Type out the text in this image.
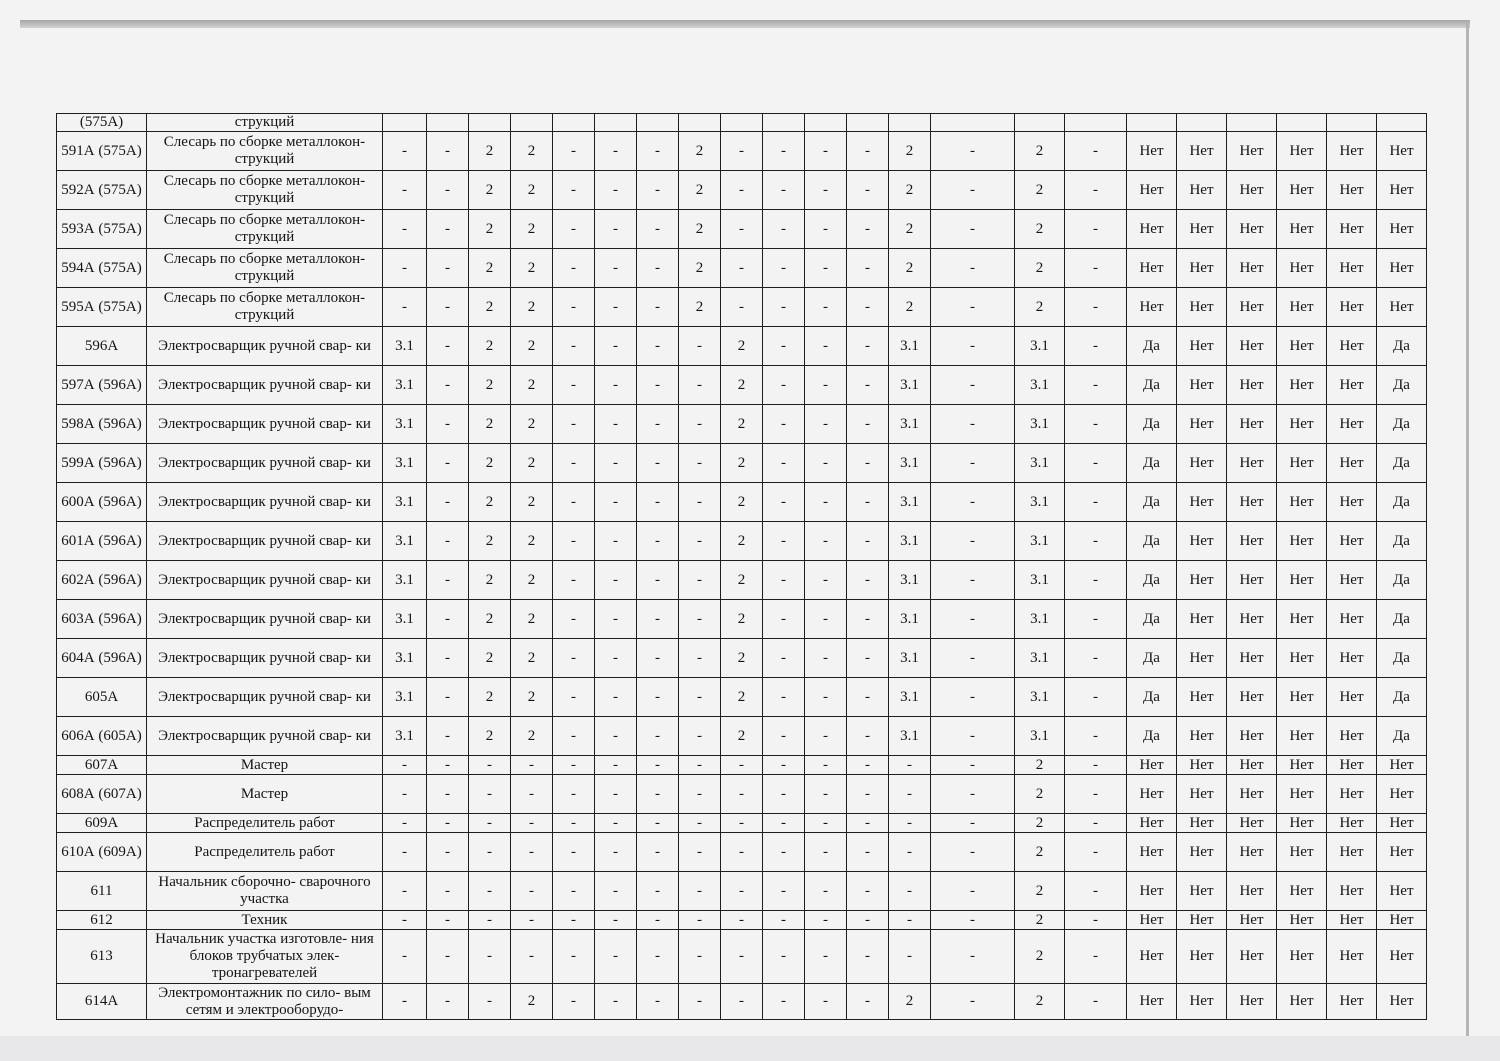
(575А)	струкций																						
591А (575А)	Слесарь по сборке металлокон- струкций	-	-	2	2	-	-	-	2	-	-	-	-	2	-	2	-	Нет	Нет	Нет	Нет	Нет	Нет
592А (575А)	Слесарь по сборке металлокон- струкций	-	-	2	2	-	-	-	2	-	-	-	-	2	-	2	-	Нет	Нет	Нет	Нет	Нет	Нет
593А (575А)	Слесарь по сборке металлокон- струкций	-	-	2	2	-	-	-	2	-	-	-	-	2	-	2	-	Нет	Нет	Нет	Нет	Нет	Нет
594А (575А)	Слесарь по сборке металлокон- струкций	-	-	2	2	-	-	-	2	-	-	-	-	2	-	2	-	Нет	Нет	Нет	Нет	Нет	Нет
595А (575А)	Слесарь по сборке металлокон- струкций	-	-	2	2	-	-	-	2	-	-	-	-	2	-	2	-	Нет	Нет	Нет	Нет	Нет	Нет
596А	Электросварщик ручной свар- ки	3.1	-	2	2	-	-	-	-	2	-	-	-	3.1	-	3.1	-	Да	Нет	Нет	Нет	Нет	Да
597А (596А)	Электросварщик ручной свар- ки	3.1	-	2	2	-	-	-	-	2	-	-	-	3.1	-	3.1	-	Да	Нет	Нет	Нет	Нет	Да
598А (596А)	Электросварщик ручной свар- ки	3.1	-	2	2	-	-	-	-	2	-	-	-	3.1	-	3.1	-	Да	Нет	Нет	Нет	Нет	Да
599А (596А)	Электросварщик ручной свар- ки	3.1	-	2	2	-	-	-	-	2	-	-	-	3.1	-	3.1	-	Да	Нет	Нет	Нет	Нет	Да
600А (596А)	Электросварщик ручной свар- ки	3.1	-	2	2	-	-	-	-	2	-	-	-	3.1	-	3.1	-	Да	Нет	Нет	Нет	Нет	Да
601А (596А)	Электросварщик ручной свар- ки	3.1	-	2	2	-	-	-	-	2	-	-	-	3.1	-	3.1	-	Да	Нет	Нет	Нет	Нет	Да
602А (596А)	Электросварщик ручной свар- ки	3.1	-	2	2	-	-	-	-	2	-	-	-	3.1	-	3.1	-	Да	Нет	Нет	Нет	Нет	Да
603А (596А)	Электросварщик ручной свар- ки	3.1	-	2	2	-	-	-	-	2	-	-	-	3.1	-	3.1	-	Да	Нет	Нет	Нет	Нет	Да
604А (596А)	Электросварщик ручной свар- ки	3.1	-	2	2	-	-	-	-	2	-	-	-	3.1	-	3.1	-	Да	Нет	Нет	Нет	Нет	Да
605А	Электросварщик ручной свар- ки	3.1	-	2	2	-	-	-	-	2	-	-	-	3.1	-	3.1	-	Да	Нет	Нет	Нет	Нет	Да
606А (605А)	Электросварщик ручной свар- ки	3.1	-	2	2	-	-	-	-	2	-	-	-	3.1	-	3.1	-	Да	Нет	Нет	Нет	Нет	Да
607А	Мастер	-	-	-	-	-	-	-	-	-	-	-	-	-	-	2	-	Нет	Нет	Нет	Нет	Нет	Нет
608А (607А)	Мастер	-	-	-	-	-	-	-	-	-	-	-	-	-	-	2	-	Нет	Нет	Нет	Нет	Нет	Нет
609А	Распределитель работ	-	-	-	-	-	-	-	-	-	-	-	-	-	-	2	-	Нет	Нет	Нет	Нет	Нет	Нет
610А (609А)	Распределитель работ	-	-	-	-	-	-	-	-	-	-	-	-	-	-	2	-	Нет	Нет	Нет	Нет	Нет	Нет
611	Начальник сборочно- сварочного участка	-	-	-	-	-	-	-	-	-	-	-	-	-	-	2	-	Нет	Нет	Нет	Нет	Нет	Нет
612	Техник	-	-	-	-	-	-	-	-	-	-	-	-	-	-	2	-	Нет	Нет	Нет	Нет	Нет	Нет
613	Начальник участка изготовле- ния блоков трубчатых элек- тронагревателей	-	-	-	-	-	-	-	-	-	-	-	-	-	-	2	-	Нет	Нет	Нет	Нет	Нет	Нет
614А	Электромонтажник по сило- вым сетям и электрооборудо-	-	-	-	2	-	-	-	-	-	-	-	-	2	-	2	-	Нет	Нет	Нет	Нет	Нет	Нет
